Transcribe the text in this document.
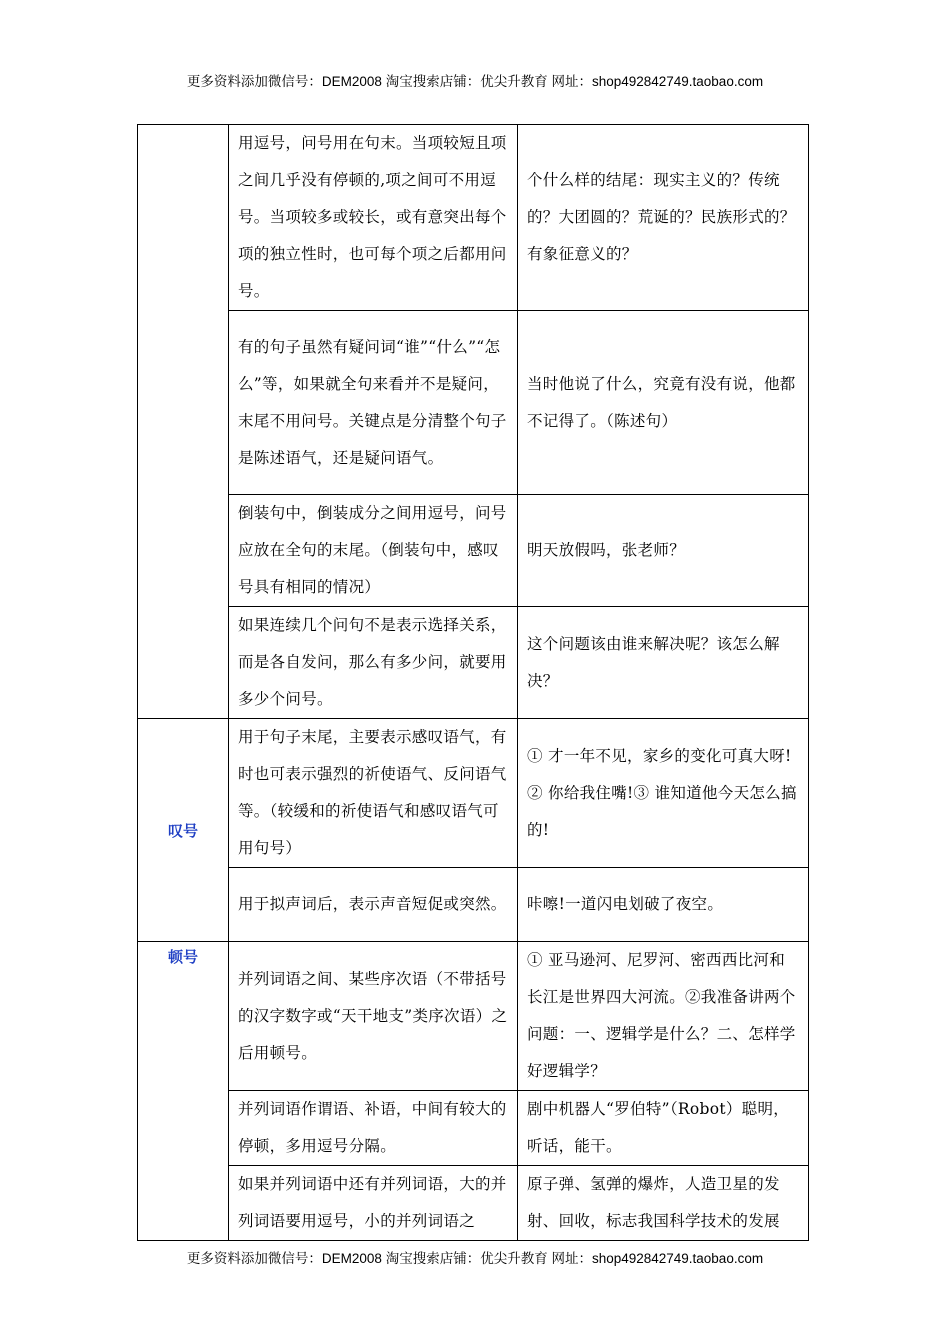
更多资料添加微信号：DEM2008 淘宝搜索店铺：优尖升教育 网址：shop492842749.taobao.com

	用逗号，问号用在句末。当项较短且项之间几乎没有停顿的,项之间可不用逗号。当项较多或较长，或有意突出每个项的独立性时，也可每个项之后都用问号。	个什么样的结尾：现实主义的？传统的？大团圆的？荒诞的？民族形式的？有象征意义的？

	有的句子虽然有疑问词“谁”“什么”“怎么”等，如果就全句来看并不是疑问，末尾不用问号。关键点是分清整个句子是陈述语气，还是疑问语气。	当时他说了什么，究竟有没有说，他都不记得了。（陈述句）

	倒装句中，倒装成分之间用逗号，问号应放在全句的末尾。（倒装句中，感叹号具有相同的情况）	明天放假吗，张老师？

	如果连续几个问句不是表示选择关系，而是各自发问，那么有多少问，就要用多少个问号。	这个问题该由谁来解决呢？该怎么解决？

叹号	用于句子末尾，主要表示感叹语气，有时也可表示强烈的祈使语气、反问语气等。（较缓和的祈使语气和感叹语气可用句号）	① 才一年不见，家乡的变化可真大呀!② 你给我住嘴!③ 谁知道他今天怎么搞的!

	用于拟声词后，表示声音短促或突然。	咔嚓!一道闪电划破了夜空。

顿号	并列词语之间、某些序次语（不带括号的汉字数字或“天干地支”类序次语）之后用顿号。	① 亚马逊河、尼罗河、密西西比河和长江是世界四大河流。②我准备讲两个问题：一、逻辑学是什么？二、怎样学好逻辑学？

	并列词语作谓语、补语，中间有较大的停顿，多用逗号分隔。	剧中机器人“罗伯特”（Robot）聪明，听话，能干。

	如果并列词语中还有并列词语，大的并列词语要用逗号，小的并列词语之	原子弹、氢弹的爆炸，人造卫星的发射、回收，标志我国科学技术的发展
更多资料添加微信号：DEM2008 淘宝搜索店铺：优尖升教育 网址：shop492842749.taobao.com
